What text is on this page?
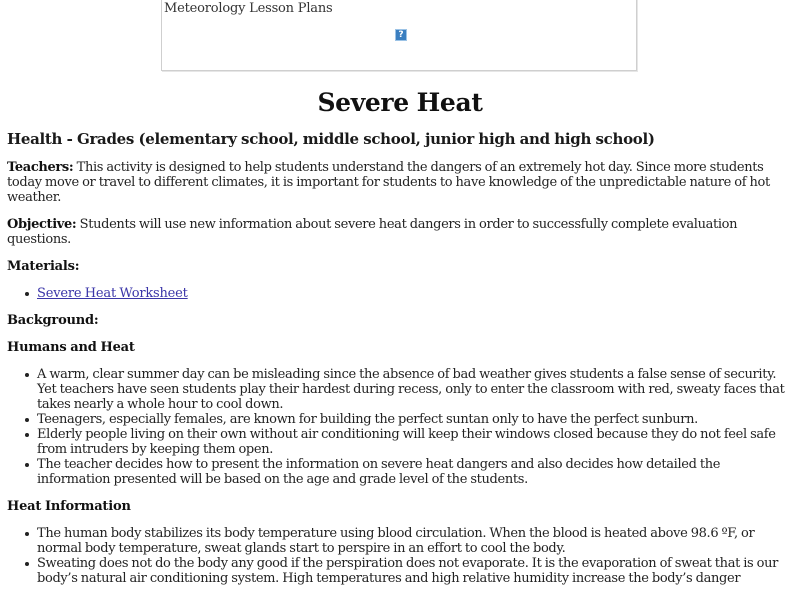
Meteorology Lesson Plans
?
Severe Heat
Health - Grades (elementary school, middle school, junior high and high school)

Teachers: This activity is designed to help students understand the dangers of an extremely hot day. Since more students today move or travel to different climates, it is important for students to have knowledge of the unpredictable nature of hot weather.

Objective: Students will use new information about severe heat dangers in order to successfully complete evaluation questions.

Materials:
Severe Heat Worksheet
Background:
Humans and Heat
A warm, clear summer day can be misleading since the absence of bad weather gives students a false sense of security. Yet teachers have seen students play their hardest during recess, only to enter the classroom with red, sweaty faces that takes nearly a whole hour to cool down.
Teenagers, especially females, are known for building the perfect suntan only to have the perfect sunburn.
Elderly people living on their own without air conditioning will keep their windows closed because they do not feel safe from intruders by keeping them open.
The teacher decides how to present the information on severe heat dangers and also decides how detailed the information presented will be based on the age and grade level of the students.
Heat Information
The human body stabilizes its body temperature using blood circulation. When the blood is heated above 98.6 ºF, or normal body temperature, sweat glands start to perspire in an effort to cool the body.
Sweating does not do the body any good if the perspiration does not evaporate. It is the evaporation of sweat that is our body’s natural air conditioning system. High temperatures and high relative humidity increase the body’s danger
